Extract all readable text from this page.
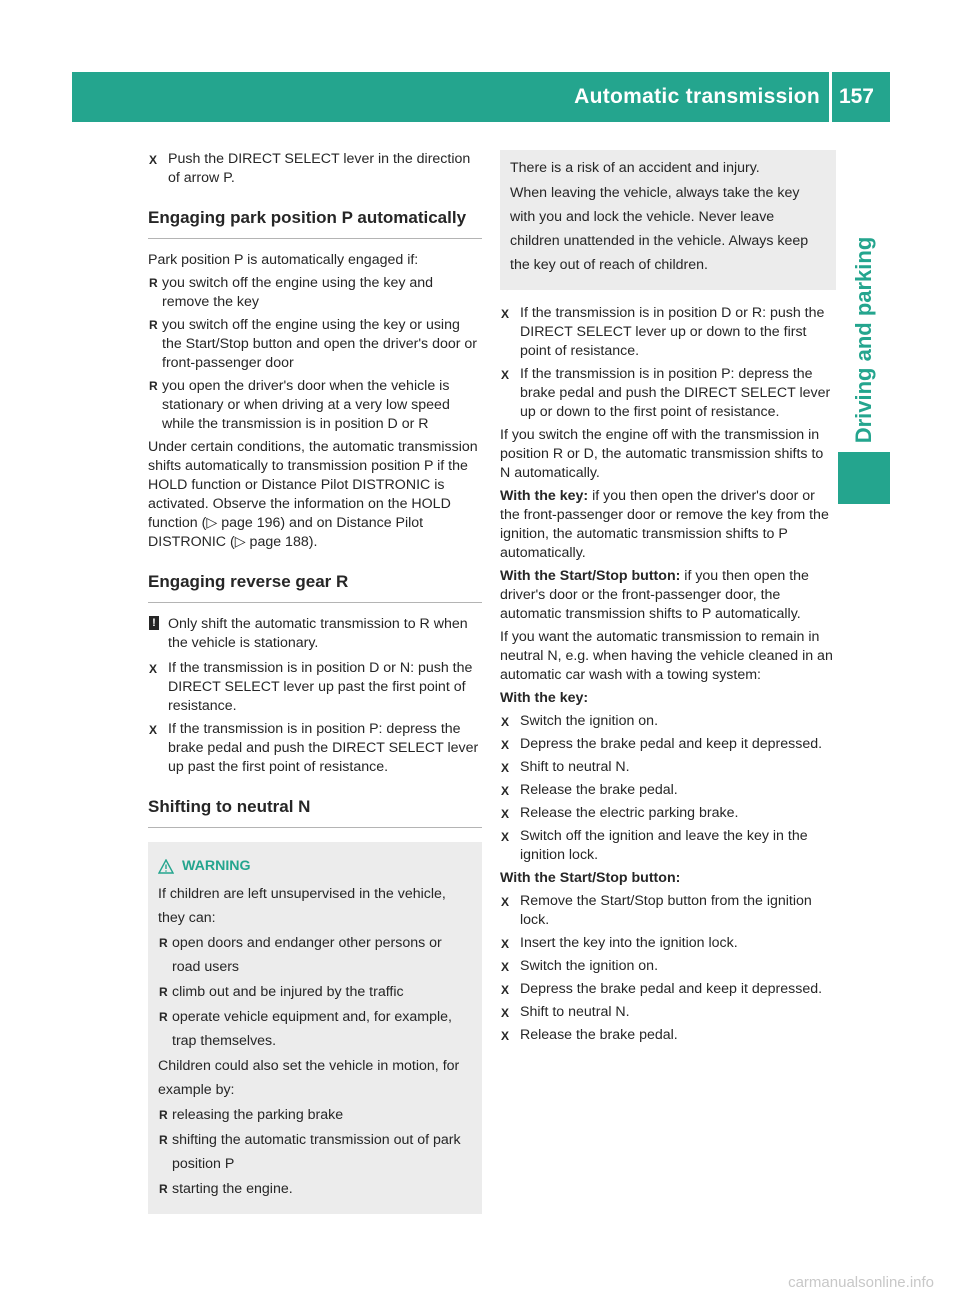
Automatic transmission 157
Driving and parking
X Push the DIRECT SELECT lever in the direction of arrow P.
Engaging park position P automatically

Park position P is automatically engaged if:

R you switch off the engine using the key and remove the key
R you switch off the engine using the key or using the Start/Stop button and open the driver's door or front-passenger door
R you open the driver's door when the vehicle is stationary or when driving at a very low speed while the transmission is in position D or R

Under certain conditions, the automatic transmission shifts automatically to transmission position P if the HOLD function or Distance Pilot DISTRONIC is activated. Observe the information on the HOLD function (▷ page 196) and on Distance Pilot DISTRONIC (▷ page 188).

Engaging reverse gear R
! Only shift the automatic transmission to R when the vehicle is stationary.
X If the transmission is in position D or N: push the DIRECT SELECT lever up past the first point of resistance.
X If the transmission is in position P: depress the brake pedal and push the DIRECT SELECT lever up past the first point of resistance.
Shifting to neutral N
WARNING

If children are left unsupervised in the vehicle, they can:

R open doors and endanger other persons or road users
R climb out and be injured by the traffic
R operate vehicle equipment and, for example, trap themselves.

Children could also set the vehicle in motion, for example by:

R releasing the parking brake
R shifting the automatic transmission out of park position P
R starting the engine.

There is a risk of an accident and injury.

When leaving the vehicle, always take the key with you and lock the vehicle. Never leave children unattended in the vehicle. Always keep the key out of reach of children.

X If the transmission is in position D or R: push the DIRECT SELECT lever up or down to the first point of resistance.
X If the transmission is in position P: depress the brake pedal and push the DIRECT SELECT lever up or down to the first point of resistance.

If you switch the engine off with the transmission in position R or D, the automatic transmission shifts to N automatically.

With the key: if you then open the driver's door or the front-passenger door or remove the key from the ignition, the automatic transmission shifts to P automatically.

With the Start/Stop button: if you then open the driver's door or the front-passenger door, the automatic transmission shifts to P automatically.

If you want the automatic transmission to remain in neutral N, e.g. when having the vehicle cleaned in an automatic car wash with a towing system:

With the key:

X Switch the ignition on.
X Depress the brake pedal and keep it depressed.
X Shift to neutral N.
X Release the brake pedal.
X Release the electric parking brake.
X Switch off the ignition and leave the key in the ignition lock.

With the Start/Stop button:

X Remove the Start/Stop button from the ignition lock.
X Insert the key into the ignition lock.
X Switch the ignition on.
X Depress the brake pedal and keep it depressed.
X Shift to neutral N.
X Release the brake pedal.
carmanualsonline.info
